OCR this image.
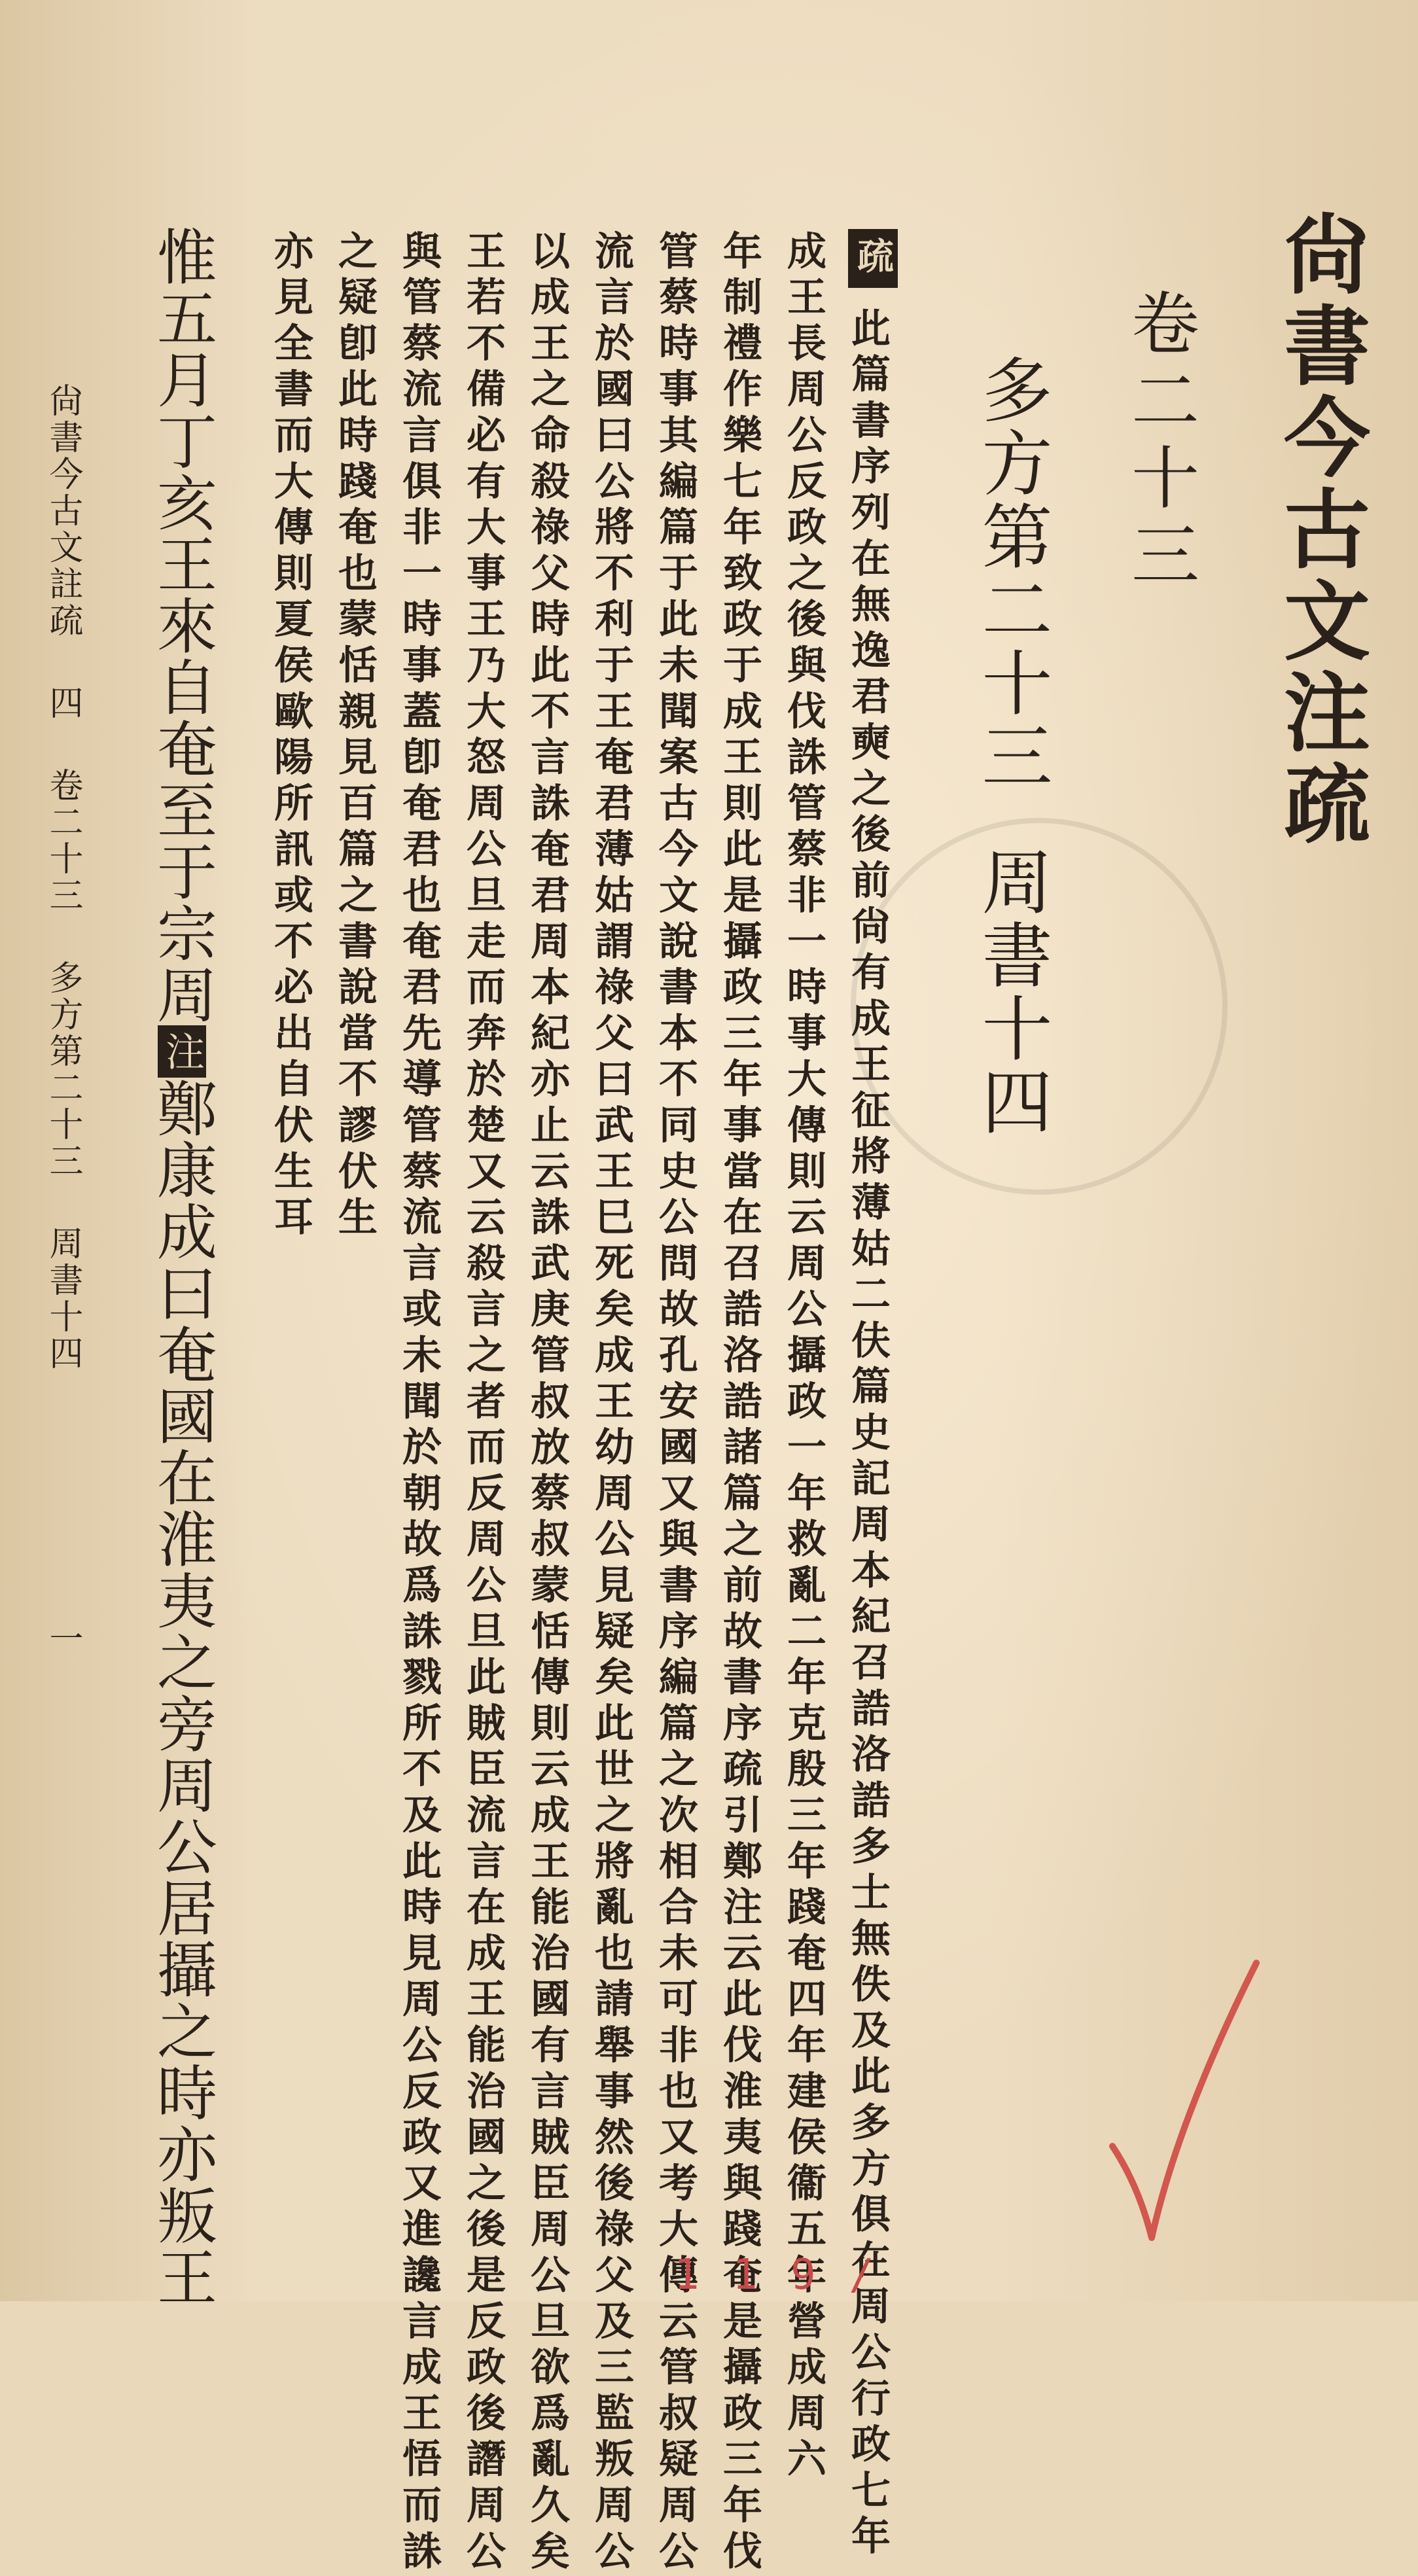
尙書今古文注疏
卷二十三
多方第二十三周書十四
疏
此篇書序列在無逸君奭之後前尙有成王征將薄姑二伕篇史記周本紀召誥洛誥多士無佚及此多方俱在周公行政七年
成王長周公反政之後與伐誅管蔡非一時事大傳則云周公攝政一年救亂二年克殷三年踐奄四年建侯衞五年營成周六
年制禮作樂七年致政于成王則此是攝政三年事當在召誥洛誥諸篇之前故書序疏引鄭注云此伐淮夷與踐奄是攝政三年伐
管蔡時事其編篇于此未聞案古今文說書本不同史公問故孔安國又與書序編篇之次相合未可非也又考大傳云管叔疑周公
流言於國曰公將不利于王奄君薄姑謂祿父曰武王巳死矣成王幼周公見疑矣此世之將亂也請舉事然後祿父及三監叛周公
以成王之命殺祿父時此不言誅奄君周本紀亦止云誅武庚管叔放蔡叔蒙恬傳則云成王能治國有言賊臣周公旦欲爲亂久矣
王若不備必有大事王乃大怒周公旦走而奔於楚又云殺言之者而反周公旦此賊臣流言在成王能治國之後是反政後譖周公
與管蔡流言俱非一時事蓋卽奄君也奄君先導管蔡流言或未聞於朝故爲誅戮所不及此時見周公反政又進讒言成王悟而誅
之疑卽此時踐奄也蒙恬親見百篇之書說當不謬伏生
亦見全書而大傳則夏侯歐陽所訊或不必出自伏生耳
惟五月丁亥王來自奄至于宗周注鄭康成曰奄國在淮夷之旁周公居攝之時亦叛王
尙書今古文註疏四卷二十三多方第二十三周書十四一
1 1 9 /
